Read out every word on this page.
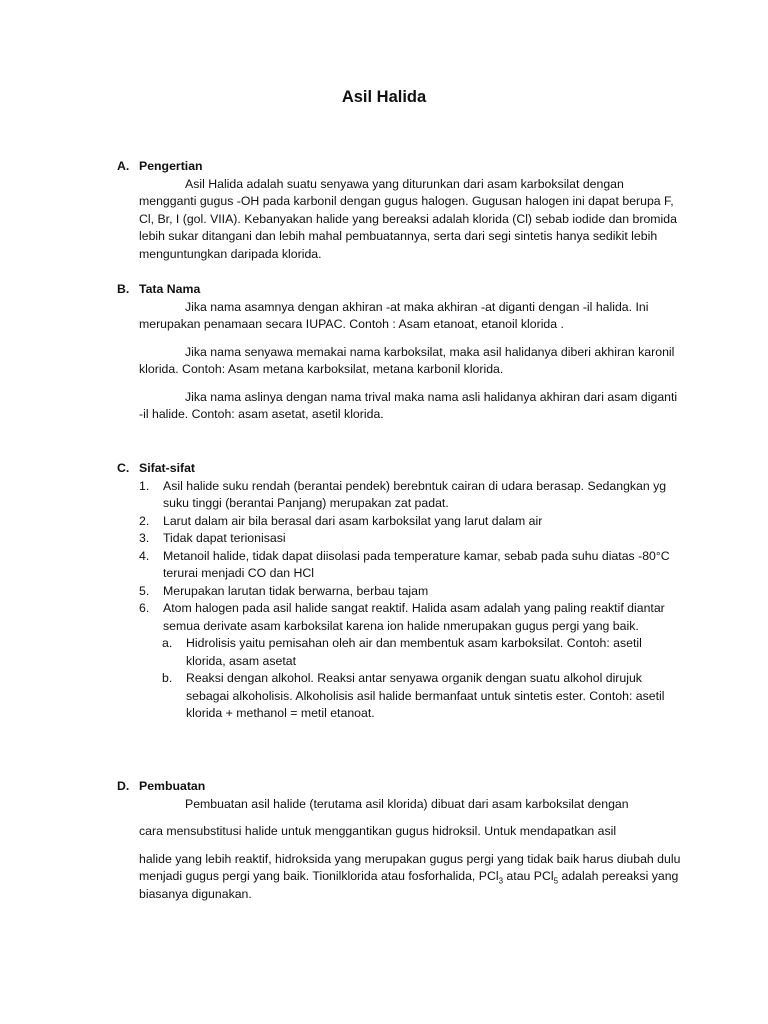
Asil Halida
A. Pengertian

Asil Halida adalah suatu senyawa yang diturunkan dari asam karboksilat dengan mengganti gugus -OH pada karbonil dengan gugus halogen. Gugusan halogen ini dapat berupa F, Cl, Br, I (gol. VIIA). Kebanyakan halide yang bereaksi adalah klorida (Cl) sebab iodide dan bromida lebih sukar ditangani dan lebih mahal pembuatannya, serta dari segi sintetis hanya sedikit lebih menguntungkan daripada klorida.

B. Tata Nama

Jika nama asamnya dengan akhiran -at maka akhiran -at diganti dengan -il halida. Ini merupakan penamaan secara IUPAC. Contoh : Asam etanoat, etanoil klorida .

Jika nama senyawa memakai nama karboksilat, maka asil halidanya diberi akhiran karonil klorida. Contoh: Asam metana karboksilat, metana karbonil klorida.

Jika nama aslinya dengan nama trival maka nama asli halidanya akhiran dari asam diganti -il halide. Contoh: asam asetat, asetil klorida.

C. Sifat-sifat
1. Asil halide suku rendah (berantai pendek) berebntuk cairan di udara berasap. Sedangkan yg suku tinggi (berantai Panjang) merupakan zat padat.
2. Larut dalam air bila berasal dari asam karboksilat yang larut dalam air
3. Tidak dapat terionisasi
4. Metanoil halide, tidak dapat diisolasi pada temperature kamar, sebab pada suhu diatas -80°C terurai menjadi CO dan HCl
5. Merupakan larutan tidak berwarna, berbau tajam
6. Atom halogen pada asil halide sangat reaktif. Halida asam adalah yang paling reaktif diantar semua derivate asam karboksilat karena ion halide nmerupakan gugus pergi yang baik.
a. Hidrolisis yaitu pemisahan oleh air dan membentuk asam karboksilat. Contoh: asetil klorida, asam asetat
b. Reaksi dengan alkohol. Reaksi antar senyawa organik dengan suatu alkohol dirujuk sebagai alkoholisis. Alkoholisis asil halide bermanfaat untuk sintetis ester. Contoh: asetil klorida + methanol = metil etanoat.
D. Pembuatan

Pembuatan asil halide (terutama asil klorida) dibuat dari asam karboksilat dengan

cara mensubstitusi halide untuk menggantikan gugus hidroksil. Untuk mendapatkan asil

halide yang lebih reaktif, hidroksida yang merupakan gugus pergi yang tidak baik harus diubah dulu menjadi gugus pergi yang baik. Tionilklorida atau fosforhalida, PCl$_3$ atau PCl$_5$ adalah pereaksi yang biasanya digunakan.
